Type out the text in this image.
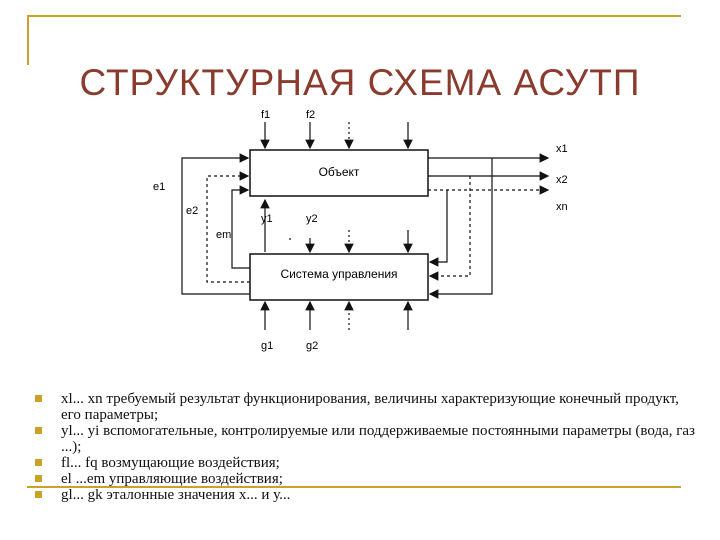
СТРУКТУРНАЯ СХЕМА АСУТП
Объект
Система управления
f1	f2
x1
x2
xn
e1
e2
em
y1	y2
g1	g2
xl... xn требуемый результат функционирования, величины характеризующие конечный продукт, его параметры;
yl... yi вспомогательные, контролируемые или поддерживаемые постоянными параметры (вода, газ ...);
fl... fq возмущающие воздействия;
el ...em управляющие воздействия;
gl... gk эталонные значения x... и у...
